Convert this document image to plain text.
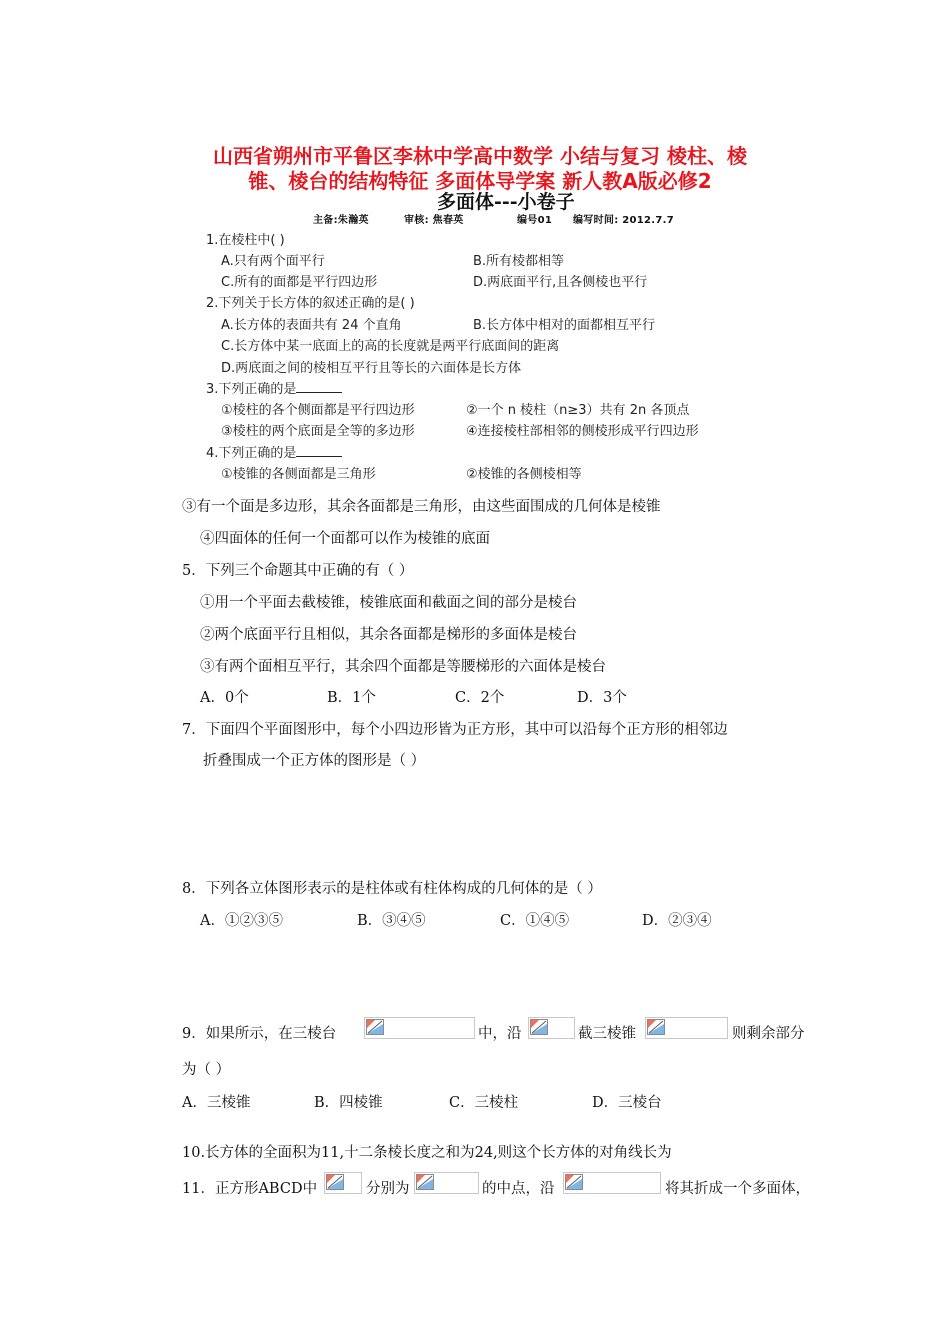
山西省朔州市平鲁区李林中学高中数学 小结与复习 棱柱、棱
锥、棱台的结构特征 多面体导学案 新人教A版必修2
多面体---小卷子
主备:朱瀚英	审核: 焦春英	编号01 编写时间: 2012.7.7
1.在棱柱中( )
A.只有两个面平行	B.所有棱都相等
C.所有的面都是平行四边形	D.两底面平行,且各侧棱也平行
2.下列关于长方体的叙述正确的是( )
A.长方体的表面共有 24 个直角	B.长方体中相对的面都相互平行
C.长方体中某一底面上的高的长度就是两平行底面间的距离
D.两底面之间的棱相互平行且等长的六面体是长方体
3.下列正确的是
①棱柱的各个侧面都是平行四边形	②一个 n 棱柱（n≥3）共有 2n 各顶点
③棱柱的两个底面是全等的多边形	④连接棱柱部相邻的侧棱形成平行四边形
4.下列正确的是
①棱锥的各侧面都是三角形	②棱锥的各侧棱相等
③有一个面是多边形，其余各面都是三角形，由这些面围成的几何体是棱锥
④四面体的任何一个面都可以作为棱锥的底面
5．下列三个命题其中正确的有（ ）
①用一个平面去截棱锥，棱锥底面和截面之间的部分是棱台
②两个底面平行且相似，其余各面都是梯形的多面体是棱台
③有两个面相互平行，其余四个面都是等腰梯形的六面体是棱台
A．0个	B．1个	C．2个	D．3个
7．下面四个平面图形中，每个小四边形皆为正方形，其中可以沿每个正方形的相邻边
折叠围成一个正方体的图形是（ ）
8．下列各立体图形表示的是柱体或有柱体构成的几何体的是（ ）
A．①②③⑤	B．③④⑤	C．①④⑤	D．②③④
9．如果所示，在三棱台	中，沿	截三棱锥	则剩余部分
为（ ）
A．三棱锥	B．四棱锥	C．三棱柱	D．三棱台
10.长方体的全面积为11,十二条棱长度之和为24,则这个长方体的对角线长为
11．正方形ABCD中	分别为	的中点，沿	将其折成一个多面体，
